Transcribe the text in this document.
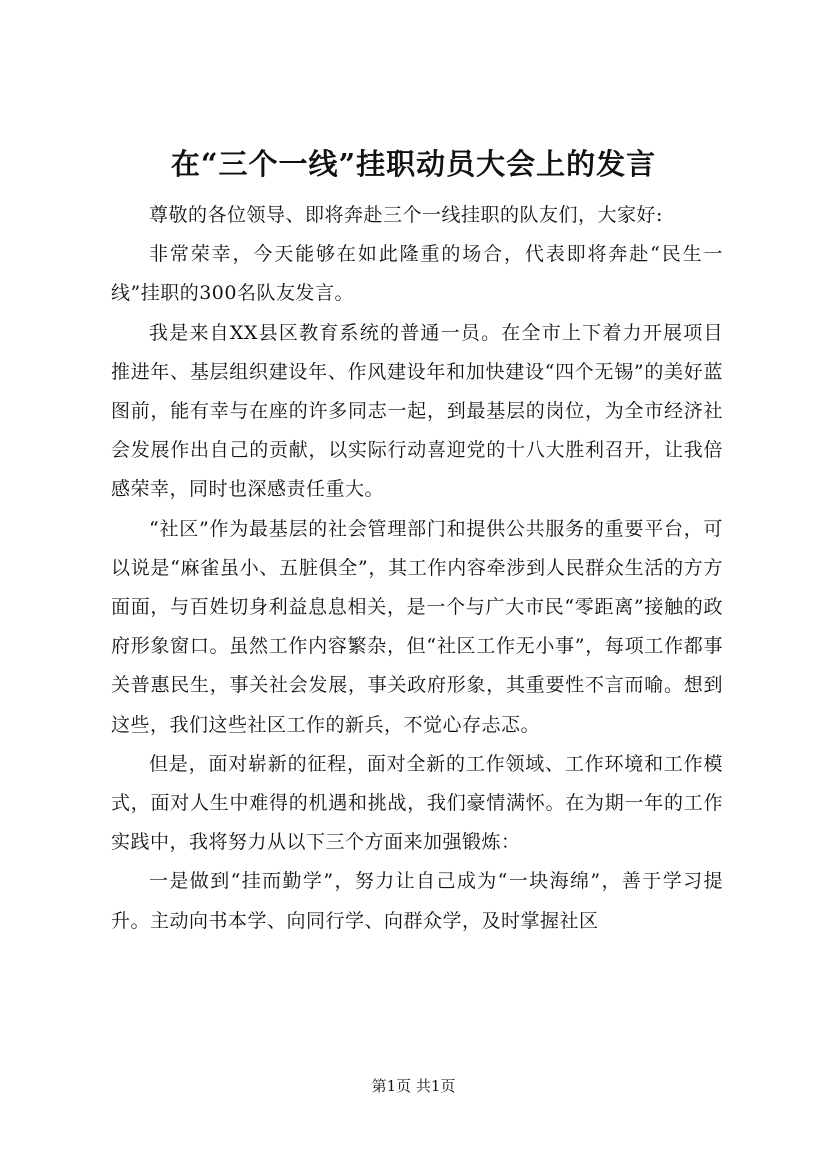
在“三个一线”挂职动员大会上的发言

尊敬的各位领导、即将奔赴三个一线挂职的队友们，大家好:

非常荣幸，今天能够在如此隆重的场合，代表即将奔赴“民生一线”挂职的300名队友发言。

我是来自XX县区教育系统的普通一员。在全市上下着力开展项目推进年、基层组织建设年、作风建设年和加快建设“四个无锡”的美好蓝图前，能有幸与在座的许多同志一起，到最基层的岗位，为全市经济社会发展作出自己的贡献，以实际行动喜迎党的十八大胜利召开，让我倍感荣幸，同时也深感责任重大。

“社区”作为最基层的社会管理部门和提供公共服务的重要平台，可以说是“麻雀虽小、五脏俱全”，其工作内容牵涉到人民群众生活的方方面面，与百姓切身利益息息相关，是一个与广大市民“零距离”接触的政府形象窗口。虽然工作内容繁杂，但“社区工作无小事”，每项工作都事关普惠民生，事关社会发展，事关政府形象，其重要性不言而喻。想到这些，我们这些社区工作的新兵，不觉心存忐忑。

但是，面对崭新的征程，面对全新的工作领域、工作环境和工作模式，面对人生中难得的机遇和挑战，我们豪情满怀。在为期一年的工作实践中，我将努力从以下三个方面来加强锻炼：

一是做到“挂而勤学”，努力让自己成为“一块海绵”，善于学习提升。主动向书本学、向同行学、向群众学，及时掌握社区

第1页 共1页
